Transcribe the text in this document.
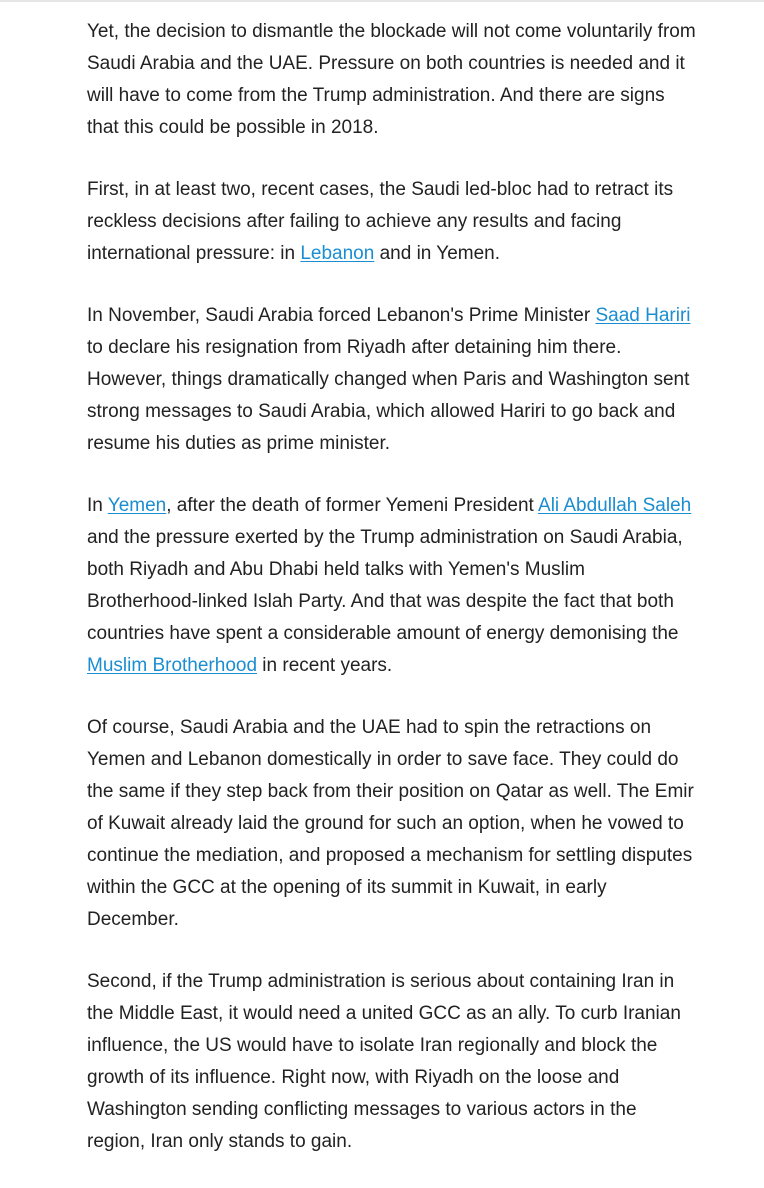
Yet, the decision to dismantle the blockade will not come voluntarily from Saudi Arabia and the UAE. Pressure on both countries is needed and it will have to come from the Trump administration. And there are signs that this could be possible in 2018.

First, in at least two, recent cases, the Saudi led-bloc had to retract its reckless decisions after failing to achieve any results and facing international pressure: in Lebanon and in Yemen.

In November, Saudi Arabia forced Lebanon's Prime Minister Saad Hariri to declare his resignation from Riyadh after detaining him there. However, things dramatically changed when Paris and Washington sent strong messages to Saudi Arabia, which allowed Hariri to go back and resume his duties as prime minister.

In Yemen, after the death of former Yemeni President Ali Abdullah Saleh and the pressure exerted by the Trump administration on Saudi Arabia, both Riyadh and Abu Dhabi held talks with Yemen's Muslim Brotherhood-linked Islah Party. And that was despite the fact that both countries have spent a considerable amount of energy demonising the Muslim Brotherhood in recent years.

Of course, Saudi Arabia and the UAE had to spin the retractions on Yemen and Lebanon domestically in order to save face. They could do the same if they step back from their position on Qatar as well. The Emir of Kuwait already laid the ground for such an option, when he vowed to continue the mediation, and proposed a mechanism for settling disputes within the GCC at the opening of its summit in Kuwait, in early December.

Second, if the Trump administration is serious about containing Iran in the Middle East, it would need a united GCC as an ally. To curb Iranian influence, the US would have to isolate Iran regionally and block the growth of its influence. Right now, with Riyadh on the loose and Washington sending conflicting messages to various actors in the region, Iran only stands to gain.
